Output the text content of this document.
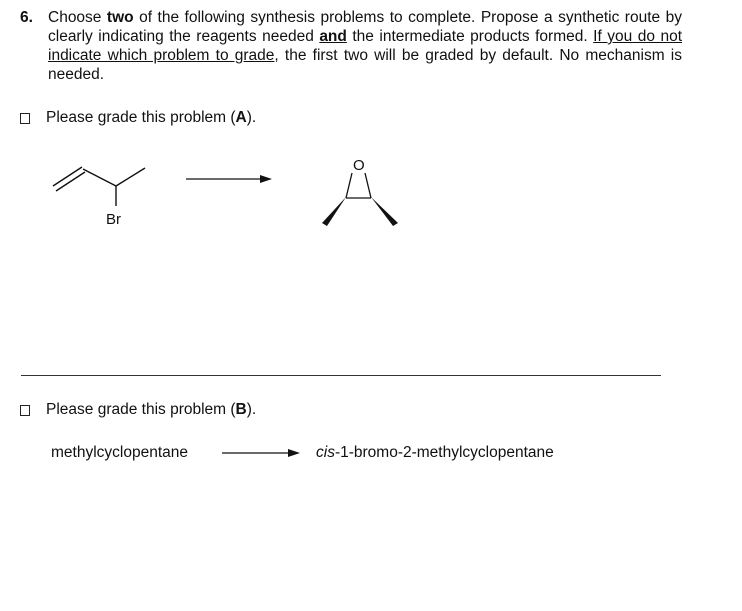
6. Choose two of the following synthesis problems to complete. Propose a synthetic route by clearly indicating the reagents needed and the intermediate products formed. If you do not indicate which problem to grade, the first two will be graded by default. No mechanism is needed.
Please grade this problem (A).
Br
O
Please grade this problem (B).
methylcyclopentane	cis-1-bromo-2-methylcyclopentane
